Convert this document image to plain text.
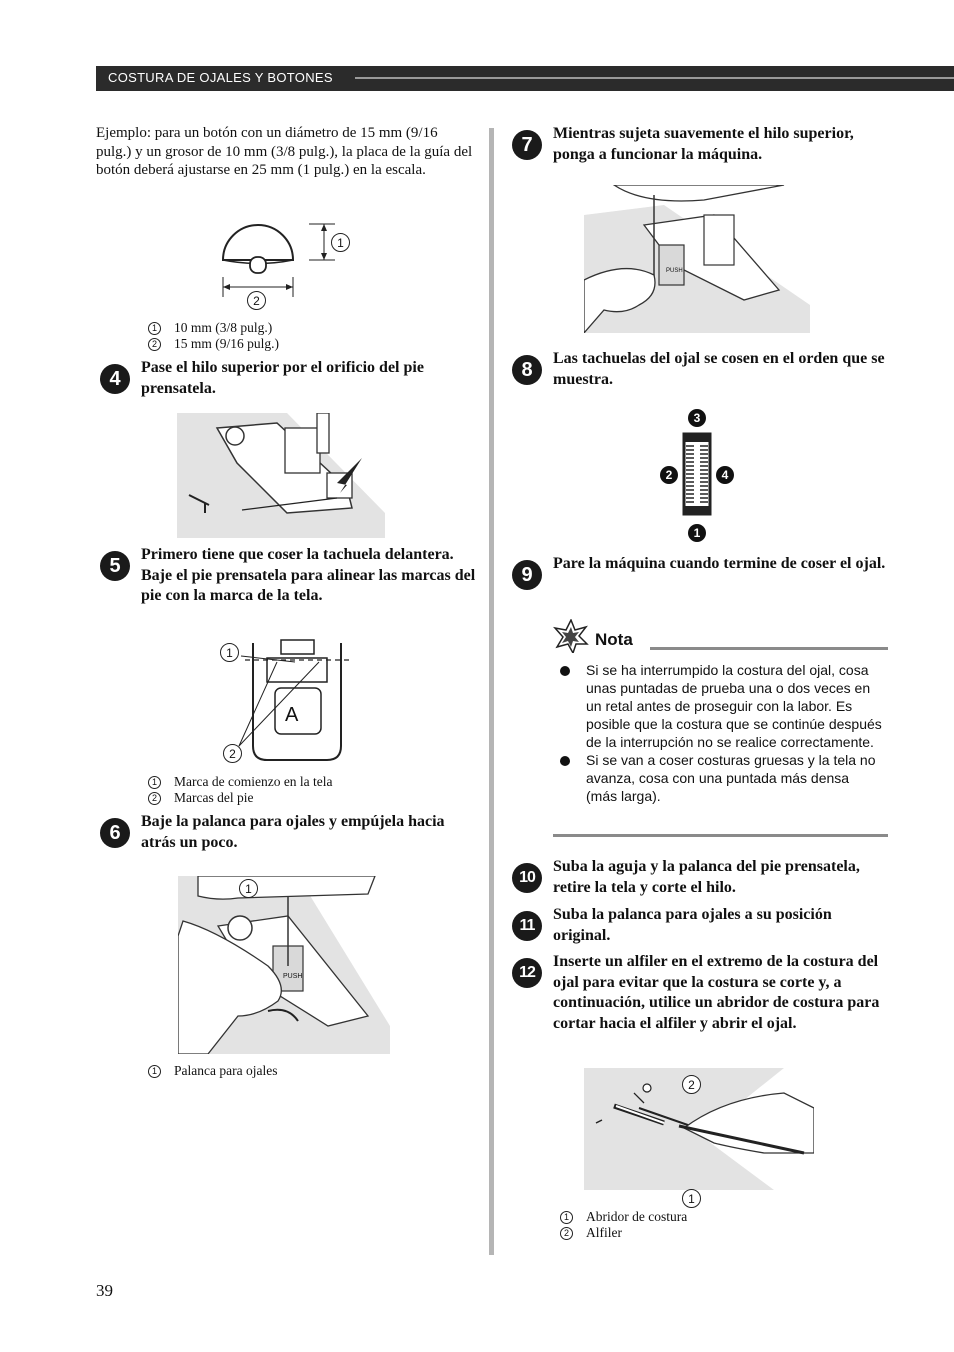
COSTURA DE OJALES Y BOTONES
Ejemplo: para un botón con un diámetro de 15 mm (9/16 pulg.) y un grosor de 10 mm (3/8 pulg.), la placa de la guía del botón deberá ajustarse en 25 mm (1 pulg.) en la escala.
1
2
1 10 mm (3/8 pulg.)
2 15 mm (9/16 pulg.)
4	Pase el hilo superior por el orificio del pie prensatela.
5	Primero tiene que coser la tachuela delantera. Baje el pie prensatela para alinear las marcas del pie con la marca de la tela.
A
1
2
1 Marca de comienzo en la tela
2 Marcas del pie
6	Baje la palanca para ojales y empújela hacia atrás un poco.
PUSH
1
1 Palanca para ojales
39
7	Mientras sujeta suavemente el hilo superior, ponga a funcionar la máquina.
PUSH
8	Las tachuelas del ojal se cosen en el orden que se muestra.
3
2	4
1
9	Pare la máquina cuando termine de coser el ojal.
Nota
Si se ha interrumpido la costura del ojal, cosa unas puntadas de prueba una o dos veces en un retal antes de proseguir con la labor. Es posible que la costura que se continúe después de la interrupción no se realice correctamente.
Si se van a coser costuras gruesas y la tela no avanza, cosa con una puntada más densa (más larga).
10
Suba la aguja y la palanca del pie prensatela, retire la tela y corte el hilo.
11
Suba la palanca para ojales a su posición original.
12
Inserte un alfiler en el extremo de la costura del ojal para evitar que la costura se corte y, a continuación, utilice un abridor de costura para cortar hacia el alfiler y abrir el ojal.
2
1
1 Abridor de costura
2 Alfiler
